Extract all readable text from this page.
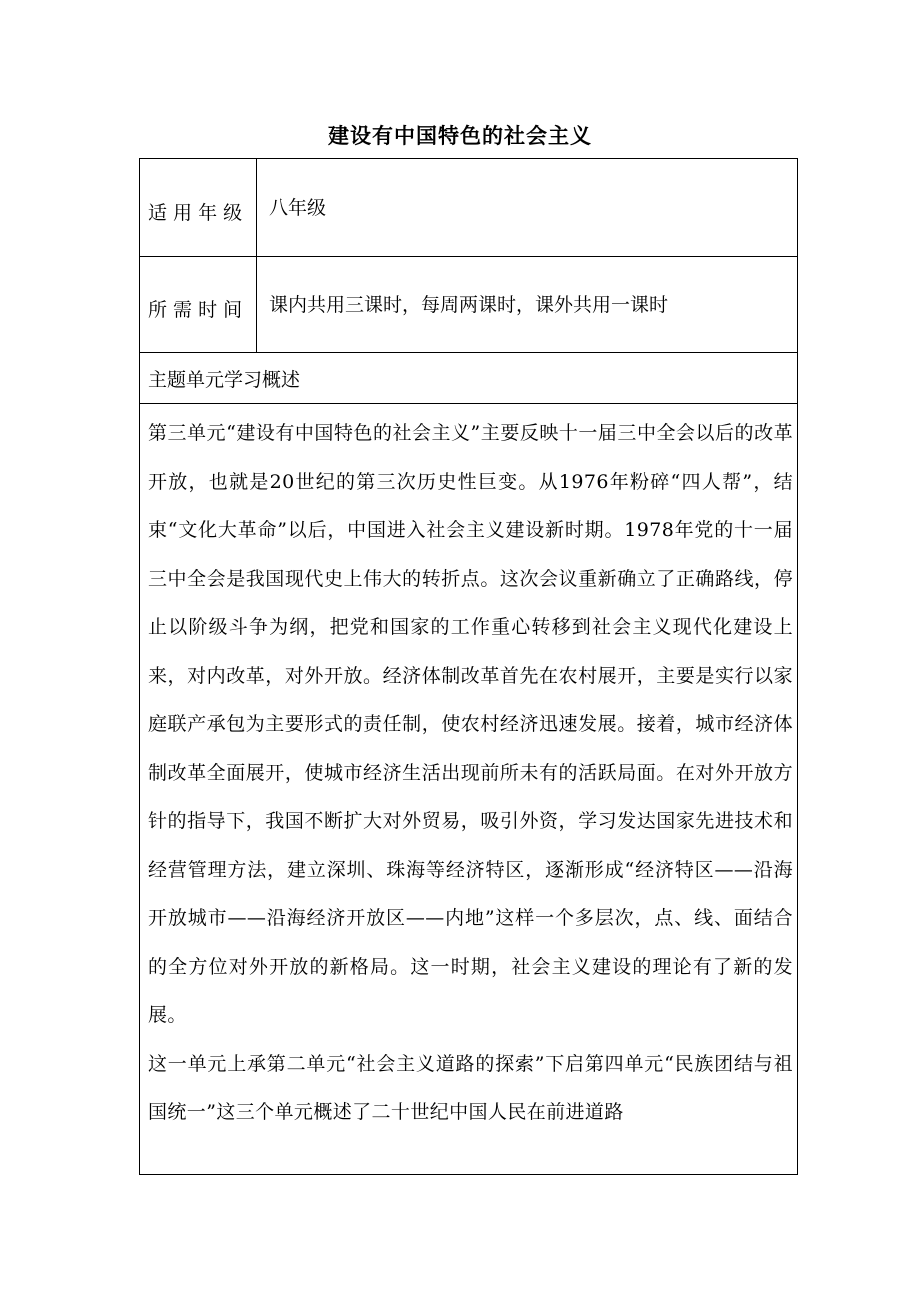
建设有中国特色的社会主义
适 用 年 级	八年级

所 需 时 间	课内共用三课时，每周两课时，课外共用一课时
主题单元学习概述	

第三单元“建设有中国特色的社会主义”主要反映十一届三中全会以后的改革开放，也就是20世纪的第三次历史性巨变。从1976年粉碎“四人帮”，结束“文化大革命”以后，中国进入社会主义建设新时期。1978年党的十一届三中全会是我国现代史上伟大的转折点。这次会议重新确立了正确路线，停止以阶级斗争为纲，把党和国家的工作重心转移到社会主义现代化建设上来，对内改革，对外开放。经济体制改革首先在农村展开，主要是实行以家庭联产承包为主要形式的责任制，使农村经济迅速发展。接着，城市经济体制改革全面展开，使城市经济生活出现前所未有的活跃局面。在对外开放方针的指导下，我国不断扩大对外贸易，吸引外资，学习发达国家先进技术和经营管理方法，建立深圳、珠海等经济特区，逐渐形成“经济特区——沿海开放城市——沿海经济开放区——内地”这样一个多层次，点、线、面结合的全方位对外开放的新格局。这一时期，社会主义建设的理论有了新的发展。

这一单元上承第二单元“社会主义道路的探索”下启第四单元“民族团结与祖国统一”这三个单元概述了二十世纪中国人民在前进道路	
